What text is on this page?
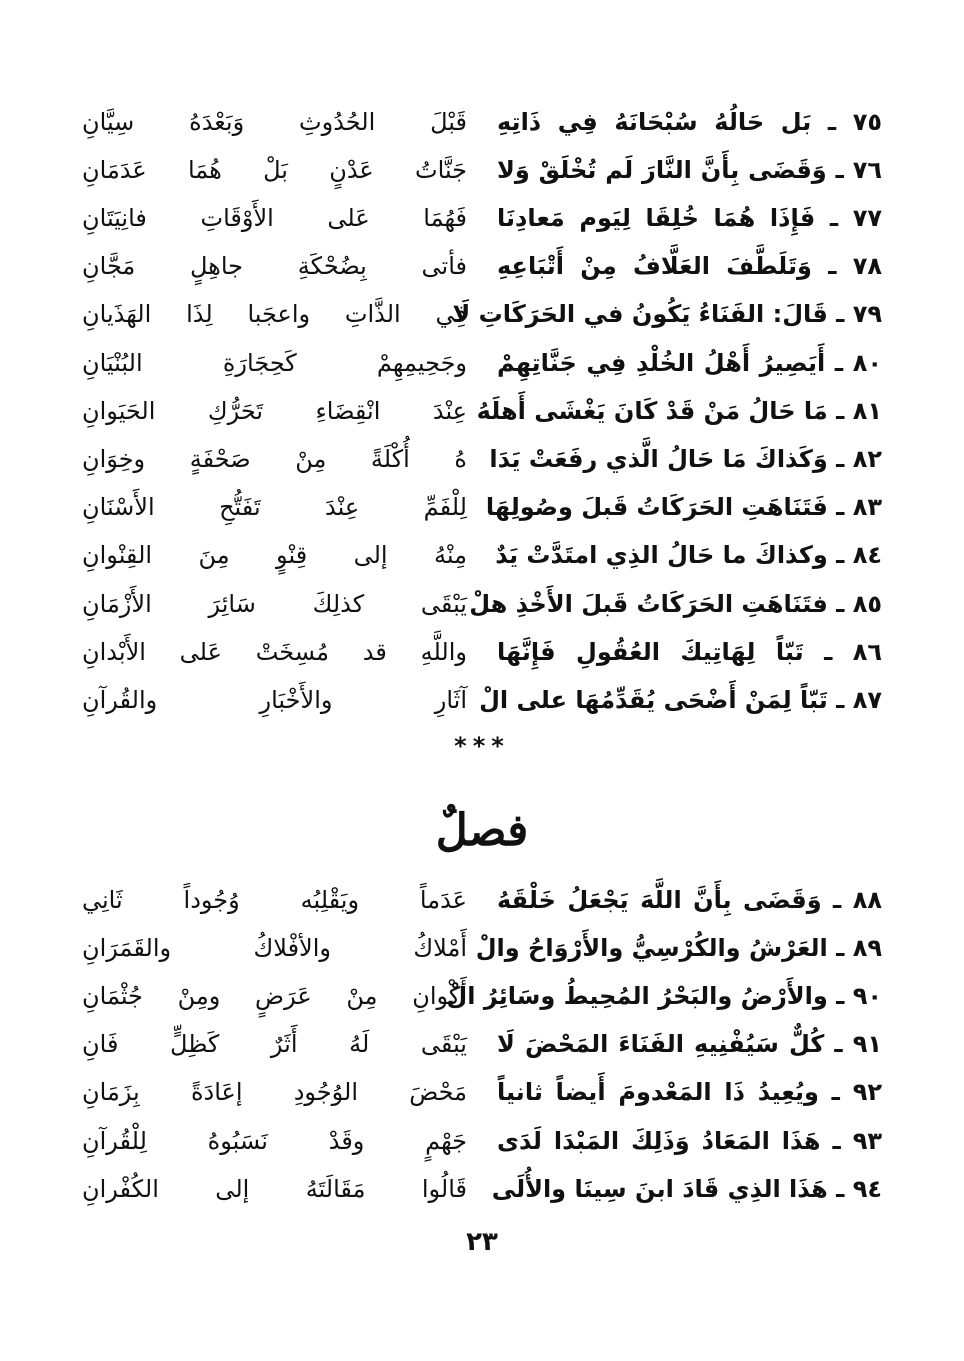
٧٥ ـ بَل حَالُهُ سُبْحَانَهُ فِي ذَاتِهِ
قَبْلَ الحُدُوثِ وَبَعْدَهُ سِيَّانِ
٧٦ ـ وَقَضَى بِأَنَّ النَّارَ لَم تُخْلَقْ وَلا
جَنَّاتُ عَدْنٍ بَلْ هُمَا عَدَمَانِ
٧٧ ـ فَإِذَا هُمَا خُلِقَا لِيَوم مَعادِنَا
فَهُمَا عَلى الأَوْقَاتِ فانِيَتَانِ
٧٨ ـ وَتَلَطَّفَ العَلَّافُ مِنْ أَتْبَاعِهِ
فأتى بِضُحْكَةِ جاهِلٍ مَجَّانِ
٧٩ ـ قَالَ: الفَنَاءُ يَكُونُ في الحَرَكَاتِ لَا
فِي الذَّاتِ واعجَبا لِذَا الهَذَيانِ
٨٠ ـ أَيَصِيرُ أَهْلُ الخُلْدِ فِي جَنَّاتِهِمْ
وجَحِيمِهِمْ كَحِجَارَةِ البُنْيَانِ
٨١ ـ مَا حَالُ مَنْ قَدْ كَانَ يَغْشَى أَهلَهُ
عِنْدَ انْقِضَاءِ تَحَرُّكِ الحَيَوانِ
٨٢ ـ وَكَذاكَ مَا حَالُ الَّذي رفَعَتْ يَدَا
هُ أُكْلَةً مِنْ صَحْفَةٍ وخِوَانِ
٨٣ ـ فَتَنَاهَتِ الحَرَكَاتُ قَبلَ وصُولِهَا
لِلْفَمِّ عِنْدَ تَفَتُّحِ الأَسْنَانِ
٨٤ ـ وكذاكَ ما حَالُ الذِي امتَدَّتْ يَدٌ
مِنْهُ إلى قِنْوٍ مِنَ القِنْوانِ
٨٥ ـ فتَنَاهَتِ الحَرَكَاتُ قَبلَ الأَخْذِ هلْ
يَبْقَى كذلِكَ سَائِرَ الأَزْمَانِ
٨٦ ـ تَبّاً لِهَاتِيكَ العُقُولِ فَإِنَّهَا
واللَّهِ قد مُسِخَتْ عَلى الأَبْدانِ
٨٧ ـ تَبّاً لِمَنْ أَضْحَى يُقَدِّمُهَا على الْ
آثَارِ والأَخْبَارِ والقُرآنِ
***
فصلٌ
٨٨ ـ وَقَضَى بِأَنَّ اللَّهَ يَجْعَلُ خَلْقَهُ
عَدَماً ويَقْلِبُه وُجُوداً ثَانِي
٨٩ ـ العَرْشُ والكُرْسِيُّ والأَرْوَاحُ والْ
أَمْلاكُ والأفْلاكُ والقَمَرَانِ
٩٠ ـ والأَرْضُ والبَحْرُ المُحِيطُ وسَائِرُ الْ
أَكْوانِ مِنْ عَرَضٍ ومِنْ جُثْمَانِ
٩١ ـ كُلٌّ سَيُفْنِيهِ الفَنَاءَ المَحْضَ لَا
يَبْقَى لَهُ أَثَرٌ كَظِلٍّ فَانِ
٩٢ ـ ويُعِيدُ ذَا المَعْدومَ أَيضاً ثانياً
مَحْضَ الوُجُودِ إعَادَةً بِزَمَانِ
٩٣ ـ هَذَا المَعَادُ وَذَلِكَ المَبْدَا لَدَى
جَهْمٍ وقَدْ نَسَبُوهُ لِلْقُرآنِ
٩٤ ـ هَذَا الذِي قَادَ ابنَ سِينَا والأُلَى
قَالُوا مَقَالَتَهُ إلى الكُفْرانِ
٢٣
